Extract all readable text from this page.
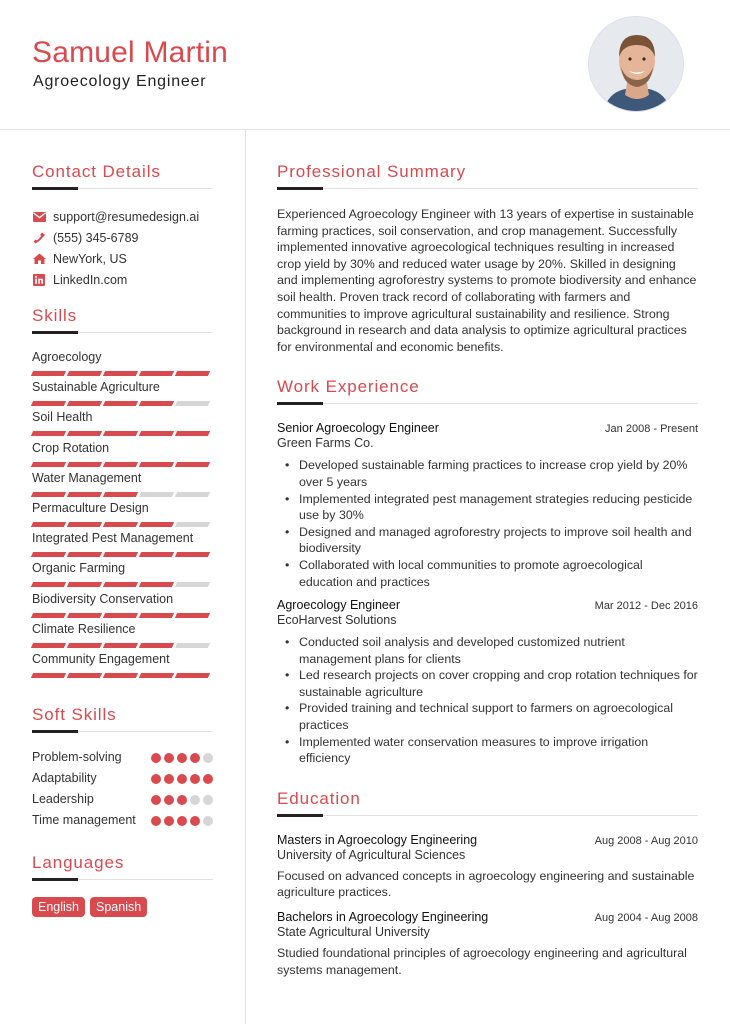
Samuel Martin
Agroecology Engineer
Contact Details
support@resumedesign.ai
(555) 345-6789
NewYork, US
LinkedIn.com
Skills
Agroecology
Sustainable Agriculture
Soil Health
Crop Rotation
Water Management
Permaculture Design
Integrated Pest Management
Organic Farming
Biodiversity Conservation
Climate Resilience
Community Engagement
Soft Skills
Problem-solving
Adaptability
Leadership
Time management
Languages
English	Spanish
Professional Summary

Experienced Agroecology Engineer with 13 years of expertise in sustainable farming practices, soil conservation, and crop management. Successfully implemented innovative agroecological techniques resulting in increased crop yield by 30% and reduced water usage by 20%. Skilled in designing and implementing agroforestry systems to promote biodiversity and enhance soil health. Proven track record of collaborating with farmers and communities to improve agricultural sustainability and resilience. Strong background in research and data analysis to optimize agricultural practices for environmental and economic benefits.

Work Experience
Senior Agroecology Engineer	Jan 2008 - Present
Green Farms Co.
• Developed sustainable farming practices to increase crop yield by 20% over 5 years
• Implemented integrated pest management strategies reducing pesticide use by 30%
• Designed and managed agroforestry projects to improve soil health and biodiversity
• Collaborated with local communities to promote agroecological education and practices
Agroecology Engineer	Mar 2012 - Dec 2016
EcoHarvest Solutions
• Conducted soil analysis and developed customized nutrient management plans for clients
• Led research projects on cover cropping and crop rotation techniques for sustainable agriculture
• Provided training and technical support to farmers on agroecological practices
• Implemented water conservation measures to improve irrigation efficiency
Education
Masters in Agroecology Engineering	Aug 2008 - Aug 2010
University of Agricultural Sciences

Focused on advanced concepts in agroecology engineering and sustainable agriculture practices.

Bachelors in Agroecology Engineering	Aug 2004 - Aug 2008
State Agricultural University

Studied foundational principles of agroecology engineering and agricultural systems management.
